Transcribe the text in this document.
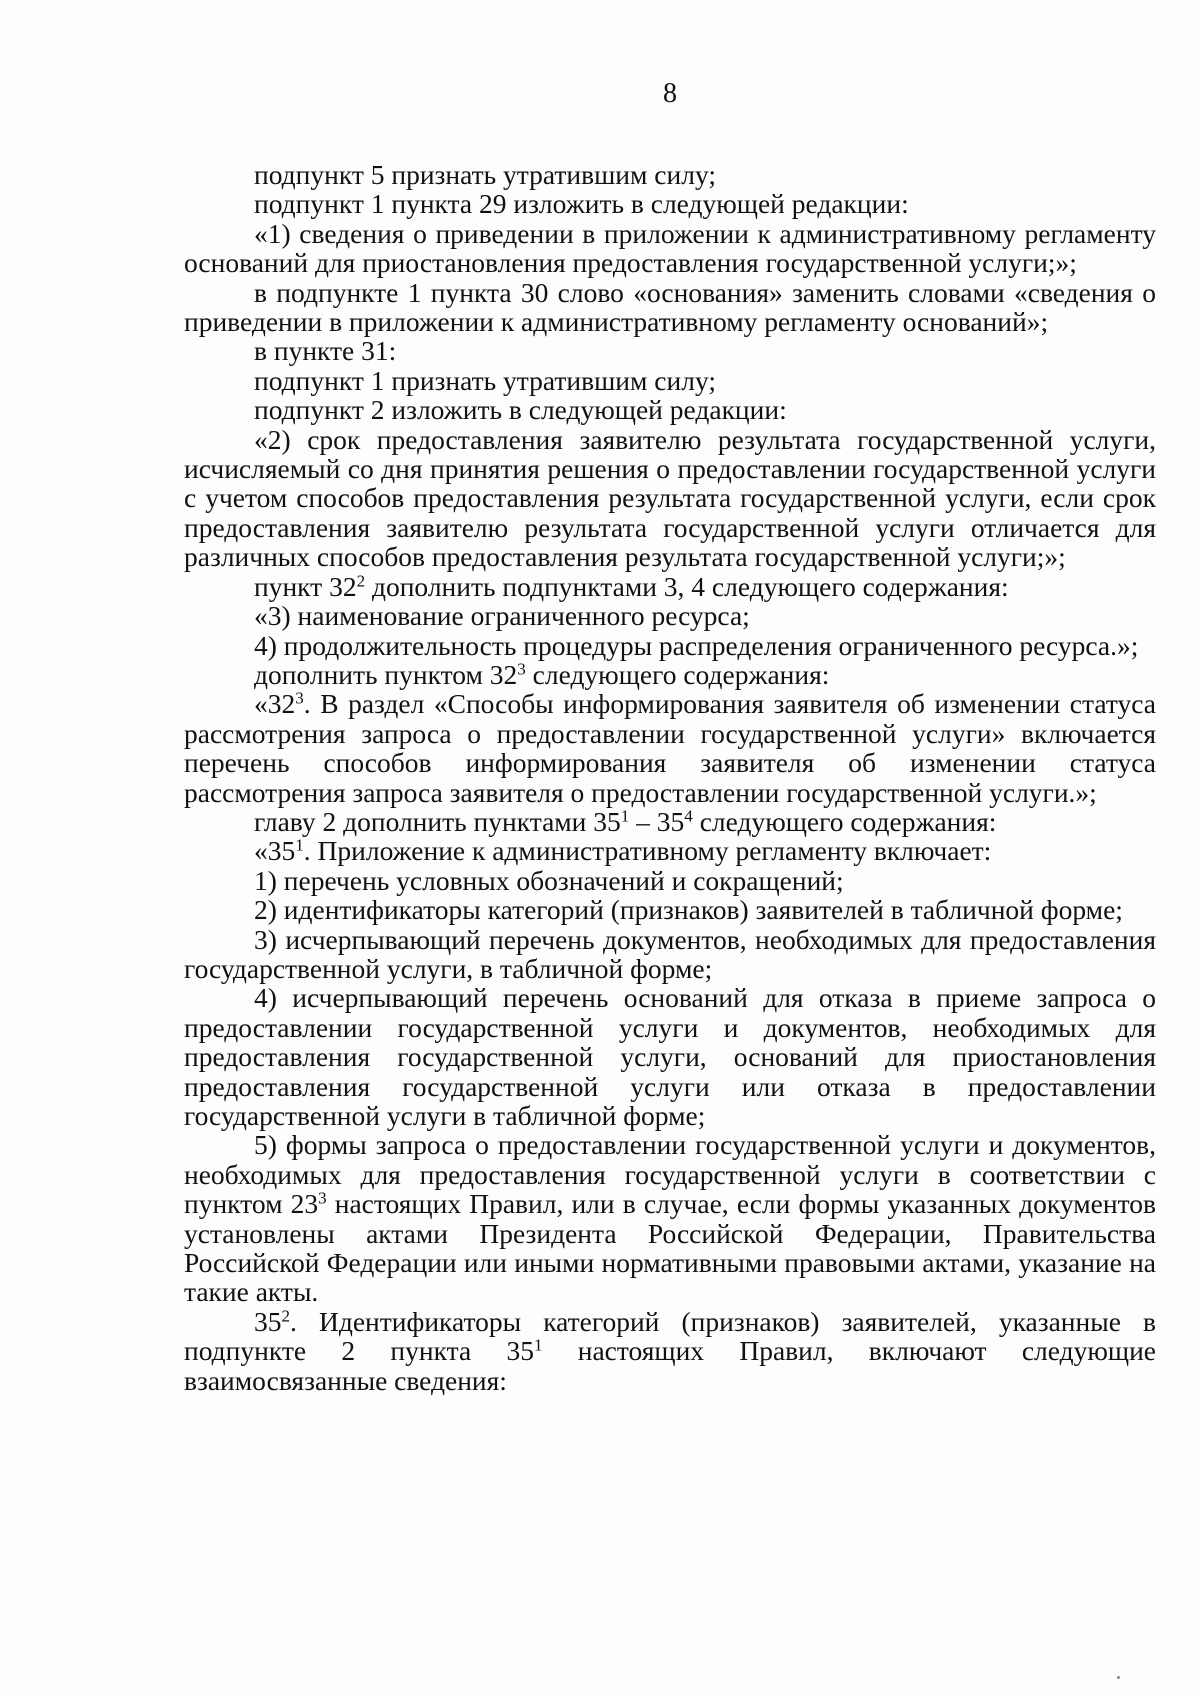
8

подпункт 5 признать утратившим силу;

подпункт 1 пункта 29 изложить в следующей редакции:

«1) сведения о приведении в приложении к административному регламенту оснований для приостановления предоставления государственной услуги;»;

в подпункте 1 пункта 30 слово «основания» заменить словами «сведения о приведении в приложении к административному регламенту оснований»;

в пункте 31:

подпункт 1 признать утратившим силу;

подпункт 2 изложить в следующей редакции:

«2) срок предоставления заявителю результата государственной услуги, исчисляемый со дня принятия решения о предоставлении государственной услуги с учетом способов предоставления результата государственной услуги, если срок предоставления заявителю результата государственной услуги отличается для различных способов предоставления результата государственной услуги;»;

пункт $32^2$ дополнить подпунктами 3, 4 следующего содержания:

«3) наименование ограниченного ресурса;

4) продолжительность процедуры распределения ограниченного ресурса.»;

дополнить пунктом $32^3$ следующего содержания:

«$32^3$. В раздел «Способы информирования заявителя об изменении статуса рассмотрения запроса о предоставлении государственной услуги» включается перечень способов информирования заявителя об изменении статуса рассмотрения запроса заявителя о предоставлении государственной услуги.»;

главу 2 дополнить пунктами $35^1 - 35^4$ следующего содержания:

«$35^1$. Приложение к административному регламенту включает:

1) перечень условных обозначений и сокращений;

2) идентификаторы категорий (признаков) заявителей в табличной форме;

3) исчерпывающий перечень документов, необходимых для предоставления государственной услуги, в табличной форме;

4) исчерпывающий перечень оснований для отказа в приеме запроса о предоставлении государственной услуги и документов, необходимых для предоставления государственной услуги, оснований для приостановления предоставления государственной услуги или отказа в предоставлении государственной услуги в табличной форме;

5) формы запроса о предоставлении государственной услуги и документов, необходимых для предоставления государственной услуги в соответствии с пунктом $23^3$ настоящих Правил, или в случае, если формы указанных документов установлены актами Президента Российской Федерации, Правительства Российской Федерации или иными нормативными правовыми актами, указание на такие акты.

$35^2$. Идентификаторы категорий (признаков) заявителей, указанные в подпункте 2 пункта $35^1$ настоящих Правил, включают следующие взаимосвязанные сведения:
